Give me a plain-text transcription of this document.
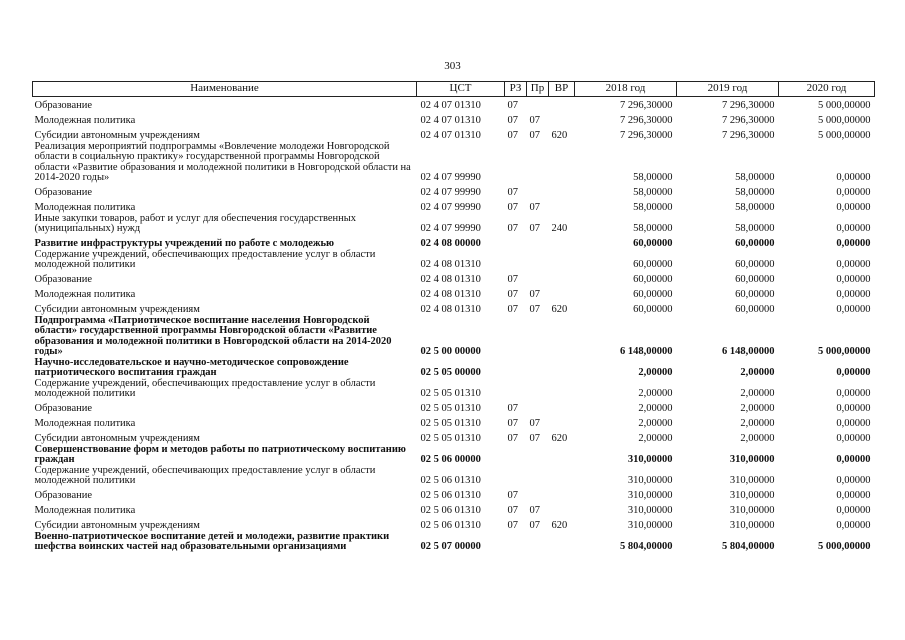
303
Наименование	ЦСТ	РЗ	Пр	ВР	2018 год	2019 год	2020 год
Образование	02 4 07 01310	07			7 296,30000	7 296,30000	5 000,00000
Молодежная политика	02 4 07 01310	07	07		7 296,30000	7 296,30000	5 000,00000
Субсидии автономным учреждениям	02 4 07 01310	07	07	620	7 296,30000	7 296,30000	5 000,00000
Реализация мероприятий подпрограммы «Вовлечение молодежи Новгородской области в социальную практику» государственной программы Новгородской области «Развитие образования и молодежной политики в Новгородской области на 2014-2020 годы»	02 4 07 99990				58,00000	58,00000	0,00000
Образование	02 4 07 99990	07			58,00000	58,00000	0,00000
Молодежная политика	02 4 07 99990	07	07		58,00000	58,00000	0,00000
Иные закупки товаров, работ и услуг для обеспечения государственных (муниципальных) нужд	02 4 07 99990	07	07	240	58,00000	58,00000	0,00000
Развитие инфраструктуры учреждений по работе с молодежью	02 4 08 00000				60,00000	60,00000	0,00000
Содержание учреждений, обеспечивающих предоставление услуг в области молодежной политики	02 4 08 01310				60,00000	60,00000	0,00000
Образование	02 4 08 01310	07			60,00000	60,00000	0,00000
Молодежная политика	02 4 08 01310	07	07		60,00000	60,00000	0,00000
Субсидии автономным учреждениям	02 4 08 01310	07	07	620	60,00000	60,00000	0,00000
Подпрограмма «Патриотическое воспитание населения Новгородской области» государственной программы Новгородской области «Развитие образования и молодежной политики в Новгородской области на 2014-2020 годы»	02 5 00 00000				6 148,00000	6 148,00000	5 000,00000
Научно-исследовательское и научно-методическое сопровождение патриотического воспитания граждан	02 5 05 00000				2,00000	2,00000	0,00000
Содержание учреждений, обеспечивающих предоставление услуг в области молодежной политики	02 5 05 01310				2,00000	2,00000	0,00000
Образование	02 5 05 01310	07			2,00000	2,00000	0,00000
Молодежная политика	02 5 05 01310	07	07		2,00000	2,00000	0,00000
Субсидии автономным учреждениям	02 5 05 01310	07	07	620	2,00000	2,00000	0,00000
Совершенствование форм и методов работы по патриотическому воспитанию граждан	02 5 06 00000				310,00000	310,00000	0,00000
Содержание учреждений, обеспечивающих предоставление услуг в области молодежной политики	02 5 06 01310				310,00000	310,00000	0,00000
Образование	02 5 06 01310	07			310,00000	310,00000	0,00000
Молодежная политика	02 5 06 01310	07	07		310,00000	310,00000	0,00000
Субсидии автономным учреждениям	02 5 06 01310	07	07	620	310,00000	310,00000	0,00000
Военно-патриотическое воспитание детей и молодежи, развитие практики шефства воинских частей над образовательными организациями	02 5 07 00000				5 804,00000	5 804,00000	5 000,00000
